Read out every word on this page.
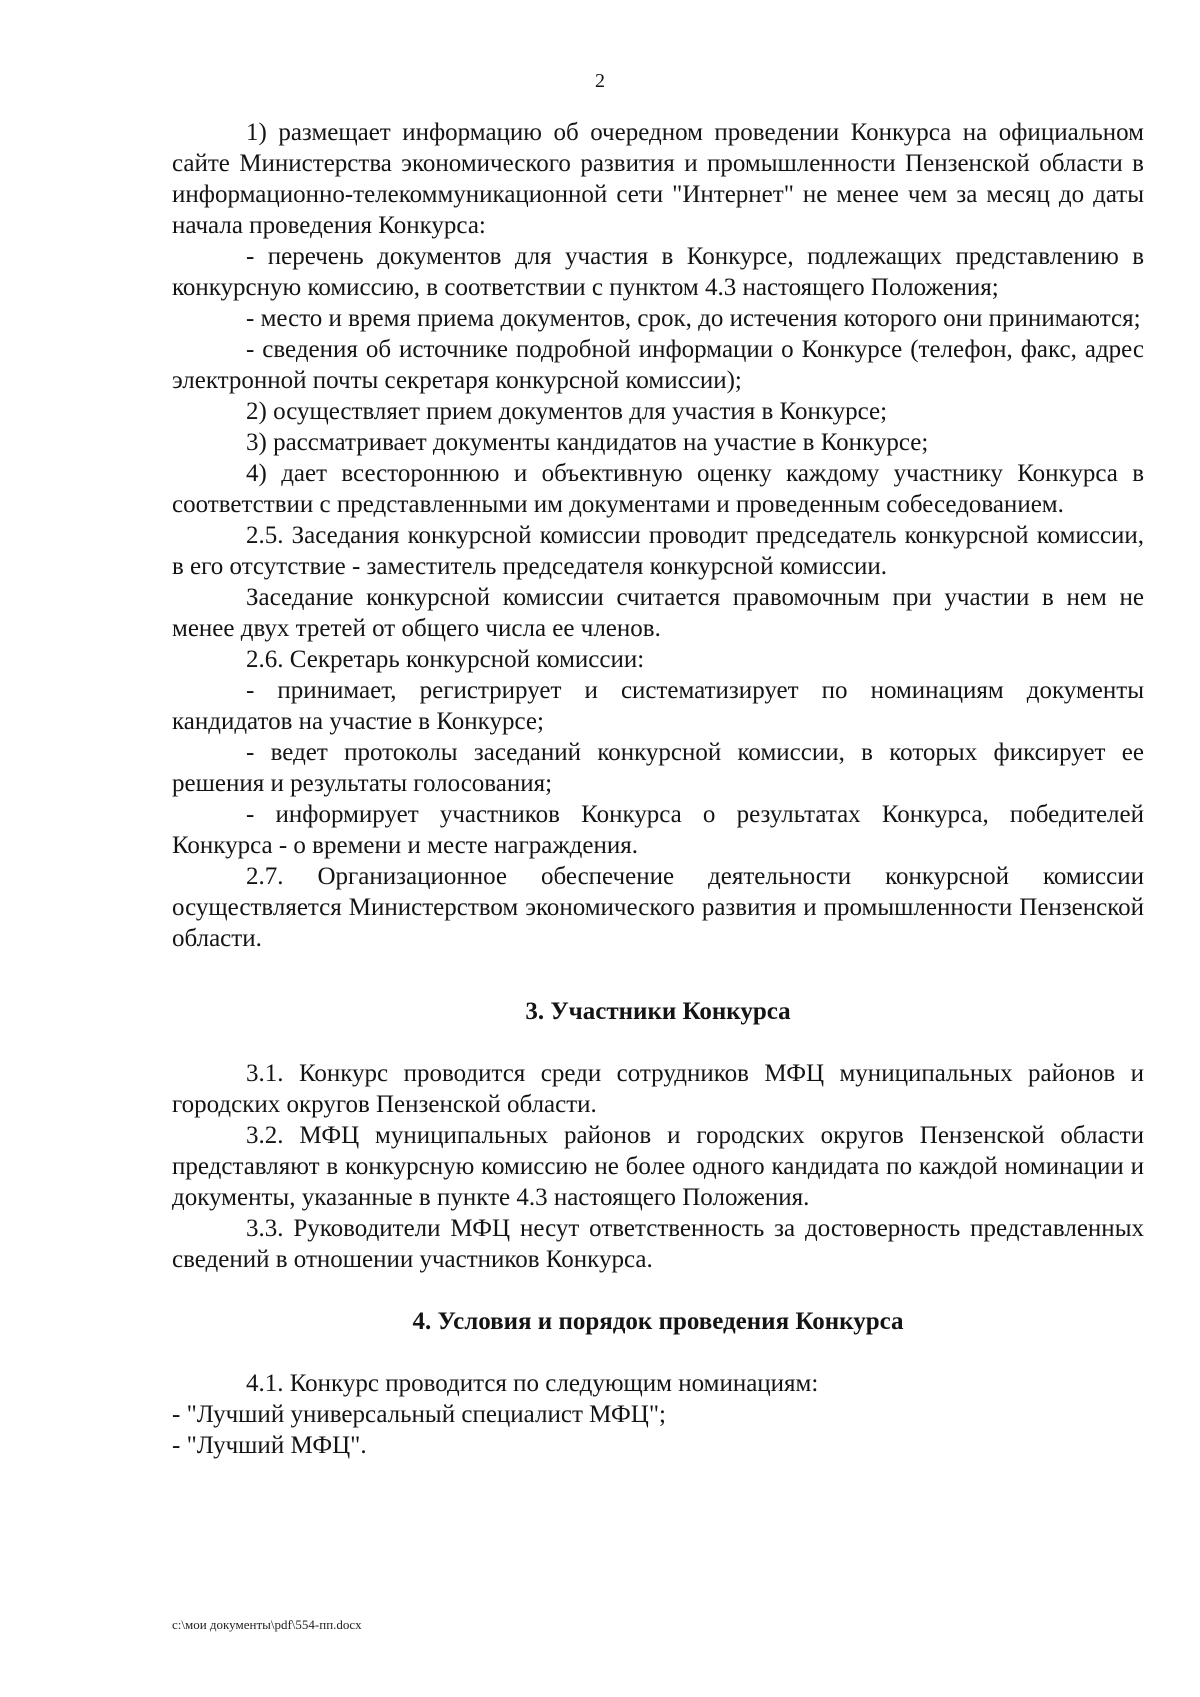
2

1) размещает информацию об очередном проведении Конкурса на официальном сайте Министерства экономического развития и промышленности Пензенской области в информационно-телекоммуникационной сети "Интернет" не менее чем за месяц до даты начала проведения Конкурса:

- перечень документов для участия в Конкурсе, подлежащих представлению в конкурсную комиссию, в соответствии с пунктом 4.3 настоящего Положения;

- место и время приема документов, срок, до истечения которого они принимаются;

- сведения об источнике подробной информации о Конкурсе (телефон, факс, адрес электронной почты секретаря конкурсной комиссии);

2) осуществляет прием документов для участия в Конкурсе;

3) рассматривает документы кандидатов на участие в Конкурсе;

4) дает всестороннюю и объективную оценку каждому участнику Конкурса в соответствии с представленными им документами и проведенным собеседованием.

2.5. Заседания конкурсной комиссии проводит председатель конкурсной комиссии, в его отсутствие - заместитель председателя конкурсной комиссии.

Заседание конкурсной комиссии считается правомочным при участии в нем не менее двух третей от общего числа ее членов.

2.6. Секретарь конкурсной комиссии:

- принимает, регистрирует и систематизирует по номинациям документы кандидатов на участие в Конкурсе;

- ведет протоколы заседаний конкурсной комиссии, в которых фиксирует ее решения и результаты голосования;

- информирует участников Конкурса о результатах Конкурса, победителей Конкурса - о времени и месте награждения.

2.7. Организационное обеспечение деятельности конкурсной комиссии осуществляется Министерством экономического развития и промышленности Пензенской области.

3. Участники Конкурса

3.1. Конкурс проводится среди сотрудников МФЦ муниципальных районов и городских округов Пензенской области.

3.2. МФЦ муниципальных районов и городских округов Пензенской области представляют в конкурсную комиссию не более одного кандидата по каждой номинации и документы, указанные в пункте 4.3 настоящего Положения.

3.3. Руководители МФЦ несут ответственность за достоверность представленных сведений в отношении участников Конкурса.

4. Условия и порядок проведения Конкурса

4.1. Конкурс проводится по следующим номинациям:

- "Лучший универсальный специалист МФЦ";

- "Лучший МФЦ".

c:\мои документы\pdf\554-пп.docx
